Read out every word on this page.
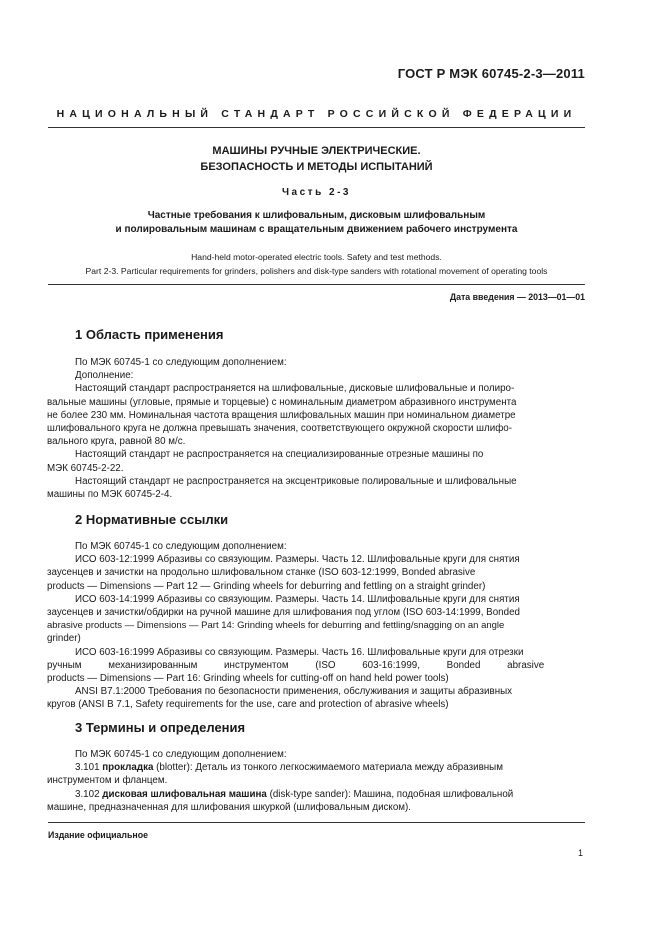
ГОСТ Р МЭК 60745-2-3—2011
НАЦИОНАЛЬНЫЙ СТАНДАРТ РОССИЙСКОЙ ФЕДЕРАЦИИ
МАШИНЫ РУЧНЫЕ ЭЛЕКТРИЧЕСКИЕ.
БЕЗОПАСНОСТЬ И МЕТОДЫ ИСПЫТАНИЙ
Часть 2-3
Частные требования к шлифовальным, дисковым шлифовальным
и полировальным машинам с вращательным движением рабочего инструмента
Hand-held motor-operated electric tools. Safety and test methods.
Part 2-3. Particular requirements for grinders, polishers and disk-type sanders with rotational movement of operating tools
Дата введения — 2013—01—01
1 Область применения
По МЭК 60745-1 со следующим дополнением:
Дополнение:
Настоящий стандарт распространяется на шлифовальные, дисковые шлифовальные и полиро-
вальные машины (угловые, прямые и торцевые) с номинальным диаметром абразивного инструмента
не более 230 мм. Номинальная частота вращения шлифовальных машин при номинальном диаметре
шлифовального круга не должна превышать значения, соответствующего окружной скорости шлифо-
вального круга, равной 80 м/с.
Настоящий стандарт не распространяется на специализированные отрезные машины по
МЭК 60745-2-22.
Настоящий стандарт не распространяется на эксцентриковые полировальные и шлифовальные
машины по МЭК 60745-2-4.
2 Нормативные ссылки
По МЭК 60745-1 со следующим дополнением:
ИСО 603-12:1999 Абразивы со связующим. Размеры. Часть 12. Шлифовальные круги для снятия
заусенцев и зачистки на продольно шлифовальном станке (ISO 603-12:1999, Bonded abrasive
products — Dimensions — Part 12 — Grinding wheels for deburring and fettling on a straight grinder)
ИСО 603-14:1999 Абразивы со связующим. Размеры. Часть 14. Шлифовальные круги для снятия
заусенцев и зачистки/обдирки на ручной машине для шлифования под углом (ISO 603-14:1999, Bonded
abrasive products — Dimensions — Part 14: Grinding wheels for deburring and fettling/snagging on an angle
grinder)
ИСО 603-16:1999 Абразивы со связующим. Размеры. Часть 16. Шлифовальные круги для отрезки
ручным механизированным инструментом (ISO 603-16:1999, Bonded abrasive
products — Dimensions — Part 16: Grinding wheels for cutting-off on hand held power tools)
ANSI B7.1:2000 Требования по безопасности применения, обслуживания и защиты абразивных
кругов (ANSI B 7.1, Safety requirements for the use, care and protection of abrasive wheels)
3 Термины и определения
По МЭК 60745-1 со следующим дополнением:
3.101 прокладка (blotter): Деталь из тонкого легкосжимаемого материала между абразивным
инструментом и фланцем.
3.102 дисковая шлифовальная машина (disk-type sander): Машина, подобная шлифовальной
машине, предназначенная для шлифования шкуркой (шлифовальным диском).
Издание официальное
1
